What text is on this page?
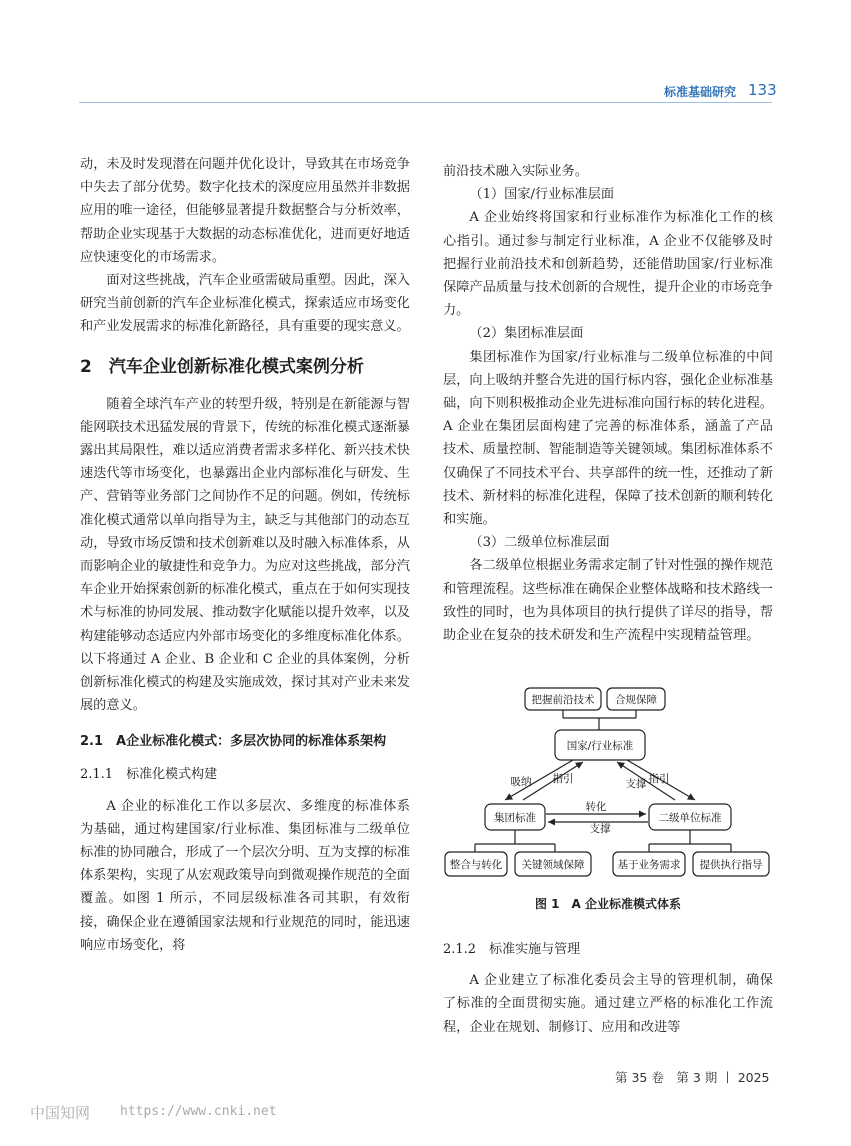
标准基础研究 133

动，未及时发现潜在问题并优化设计，导致其在市场竞争中失去了部分优势。数字化技术的深度应用虽然并非数据应用的唯一途径，但能够显著提升数据整合与分析效率，帮助企业实现基于大数据的动态标准优化，进而更好地适应快速变化的市场需求。

面对这些挑战，汽车企业亟需破局重塑。因此，深入研究当前创新的汽车企业标准化模式，探索适应市场变化和产业发展需求的标准化新路径，具有重要的现实意义。

2　汽车企业创新标准化模式案例分析

随着全球汽车产业的转型升级，特别是在新能源与智能网联技术迅猛发展的背景下，传统的标准化模式逐渐暴露出其局限性，难以适应消费者需求多样化、新兴技术快速迭代等市场变化，也暴露出企业内部标准化与研发、生产、营销等业务部门之间协作不足的问题。例如，传统标准化模式通常以单向指导为主，缺乏与其他部门的动态互动，导致市场反馈和技术创新难以及时融入标准体系，从而影响企业的敏捷性和竞争力。为应对这些挑战，部分汽车企业开始探索创新的标准化模式，重点在于如何实现技术与标准的协同发展、推动数字化赋能以提升效率，以及构建能够动态适应内外部市场变化的多维度标准化体系。以下将通过 A 企业、B 企业和 C 企业的具体案例，分析创新标准化模式的构建及实施成效，探讨其对产业未来发展的意义。

2.1　A企业标准化模式：多层次协同的标准体系架构
2.1.1　标准化模式构建

A 企业的标准化工作以多层次、多维度的标准体系为基础，通过构建国家/行业标准、集团标准与二级单位标准的协同融合，形成了一个层次分明、互为支撑的标准体系架构，实现了从宏观政策导向到微观操作规范的全面覆盖。如图 1 所示，不同层级标准各司其职，有效衔接，确保企业在遵循国家法规和行业规范的同时，能迅速响应市场变化，将

前沿技术融入实际业务。

（1）国家/行业标准层面

A 企业始终将国家和行业标准作为标准化工作的核心指引。通过参与制定行业标准，A 企业不仅能够及时把握行业前沿技术和创新趋势，还能借助国家/行业标准保障产品质量与技术创新的合规性，提升企业的市场竞争力。

（2）集团标准层面

集团标准作为国家/行业标准与二级单位标准的中间层，向上吸纳并整合先进的国行标内容，强化企业标准基础，向下则积极推动企业先进标准向国行标的转化进程。A 企业在集团层面构建了完善的标准体系，涵盖了产品技术、质量控制、智能制造等关键领域。集团标准体系不仅确保了不同技术平台、共享部件的统一性，还推动了新技术、新材料的标准化进程，保障了技术创新的顺利转化和实施。

（3）二级单位标准层面

各二级单位根据业务需求定制了针对性强的操作规范和管理流程。这些标准在确保企业整体战略和技术路线一致性的同时，也为具体项目的执行提供了详尽的指导，帮助企业在复杂的技术研发和生产流程中实现精益管理。

把握前沿技术 合规保障
国家/行业标准
吸纳 指引	支撑 指引
集团标准	二级单位标准
转化
支撑
整合与转化 关键领域保障	基于业务需求 提供执行指导
图 1　A 企业标准模式体系
2.1.2　标准实施与管理

A 企业建立了标准化委员会主导的管理机制，确保了标准的全面贯彻实施。通过建立严格的标准化工作流程，企业在规划、制修订、应用和改进等

第 35 卷　第 3 期 丨 2025
中国知网 https://www.cnki.net
